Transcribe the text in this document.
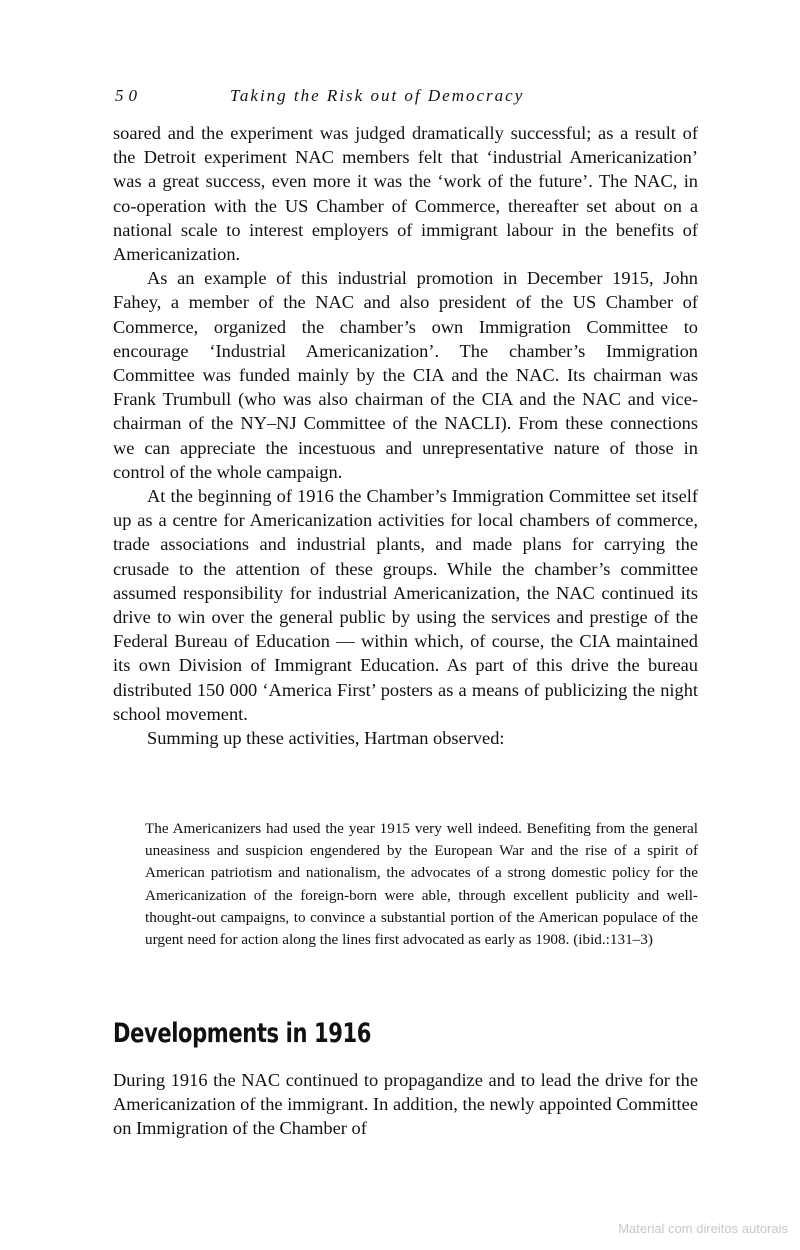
50	Taking the Risk out of Democracy

soared and the experiment was judged dramatically successful; as a result of the Detroit experiment NAC members felt that ‘industrial Americanization’ was a great success, even more it was the ‘work of the future’. The NAC, in co-operation with the US Chamber of Commerce, thereafter set about on a national scale to interest employers of immigrant labour in the benefits of Americanization.

As an example of this industrial promotion in December 1915, John Fahey, a member of the NAC and also president of the US Chamber of Commerce, organized the chamber’s own Immigration Committee to encourage ‘Industrial Americanization’. The chamber’s Immigration Committee was funded mainly by the CIA and the NAC. Its chairman was Frank Trumbull (who was also chairman of the CIA and the NAC and vice-chairman of the NY–NJ Committee of the NACLI). From these connections we can appreciate the incestuous and unrepresentative nature of those in control of the whole campaign.

At the beginning of 1916 the Chamber’s Immigration Committee set itself up as a centre for Americanization activities for local chambers of commerce, trade associations and industrial plants, and made plans for carrying the crusade to the attention of these groups. While the chamber’s committee assumed responsibility for industrial Americanization, the NAC continued its drive to win over the general public by using the services and prestige of the Federal Bureau of Education — within which, of course, the CIA maintained its own Division of Immigrant Education. As part of this drive the bureau distributed 150 000 ‘America First’ posters as a means of publicizing the night school movement.

Summing up these activities, Hartman observed:

The Americanizers had used the year 1915 very well indeed. Benefiting from the general uneasiness and suspicion engendered by the European War and the rise of a spirit of American patriotism and nationalism, the advocates of a strong domestic policy for the Americanization of the foreign-born were able, through excellent publicity and well-thought-out campaigns, to convince a substantial portion of the American populace of the urgent need for action along the lines first advocated as early as 1908. (ibid.:131–3)

Developments in 1916

During 1916 the NAC continued to propagandize and to lead the drive for the Americanization of the immigrant. In addition, the newly appointed Committee on Immigration of the Chamber of

Material com direitos autorais
